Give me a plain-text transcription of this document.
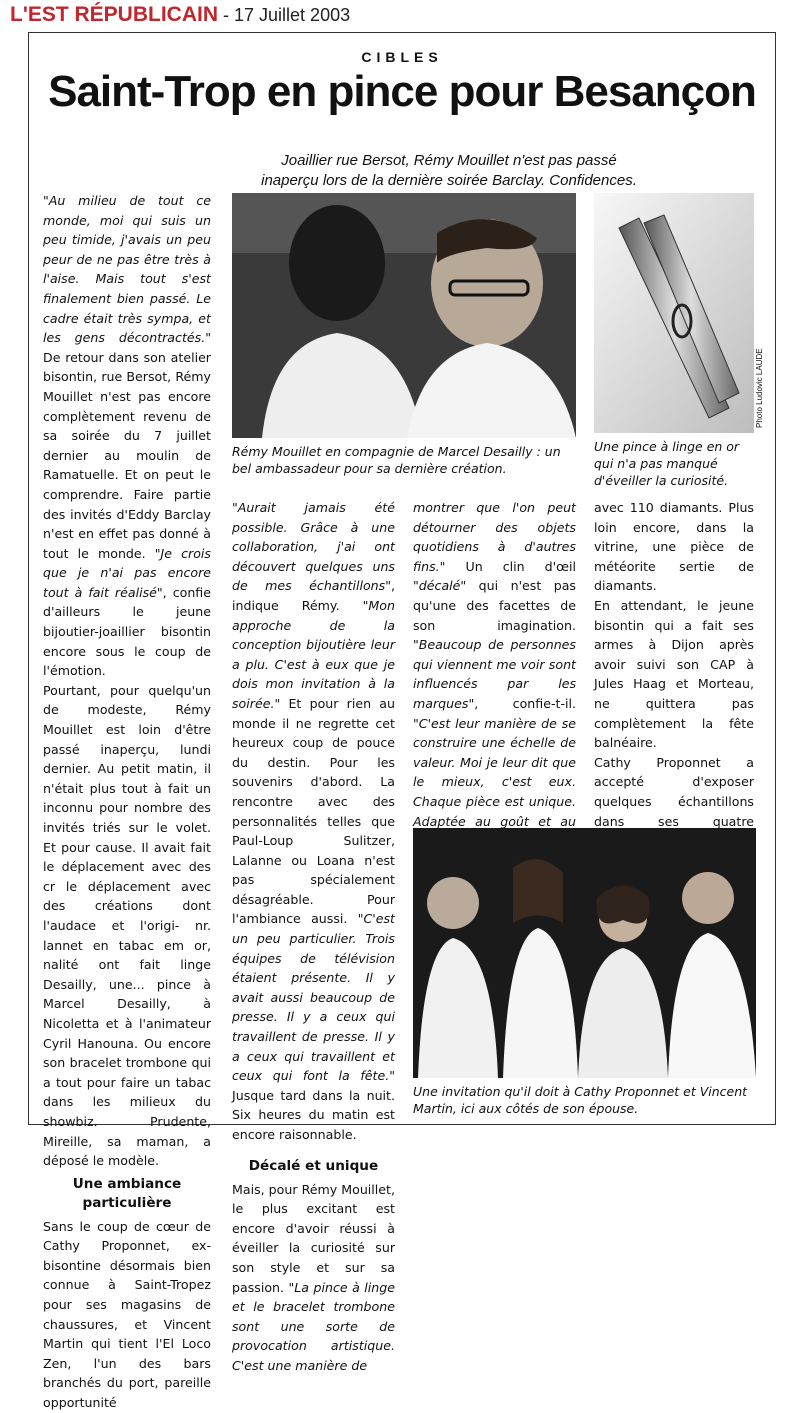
L'EST RÉPUBLICAIN - 17 Juillet 2003
CIBLES
Saint-Trop en pince pour Besançon
Joaillier rue Bersot, Rémy Mouillet n'est pas passé
inaperçu lors de la dernière soirée Barclay. Confidences.
Rémy Mouillet en compagnie de Marcel Desailly : un bel ambassadeur pour sa dernière création.
Photo Ludovic LAUDE
Une pince à linge en or qui n'a pas manqué d'éveiller la curiosité.

"Au milieu de tout ce monde, moi qui suis un peu timide, j'avais un peu peur de ne pas être très à l'aise. Mais tout s'est finalement bien passé. Le cadre était très sympa, et les gens décontractés." De retour dans son atelier bisontin, rue Bersot, Rémy Mouillet n'est pas encore complètement revenu de sa soirée du 7 juillet dernier au moulin de Ramatuelle. Et on peut le comprendre. Faire partie des invités d'Eddy Barclay n'est en effet pas donné à tout le monde. "Je crois que je n'ai pas encore tout à fait réalisé", confie d'ailleurs le jeune bijoutier-joaillier bisontin encore sous le coup de l'émotion.

Pourtant, pour quelqu'un de modeste, Rémy Mouillet est loin d'être passé inaperçu, lundi dernier. Au petit matin, il n'était plus tout à fait un inconnu pour nombre des invités triés sur le volet. Et pour cause. Il avait fait le déplacement avec des cr le déplacement avec des créations dont l'audace et l'origi- nr. lannet en tabac em or, nalité ont fait linge Desailly, une... pince à Marcel Desailly, à Nicoletta et à l'animateur Cyril Hanouna. Ou encore son bracelet trombone qui a tout pour faire un tabac dans les milieux du showbiz. Prudente, Mireille, sa maman, a déposé le modèle.

Une ambiance particulière

Sans le coup de cœur de Cathy Proponnet, ex-bisontine désormais bien connue à Saint-Tropez pour ses magasins de chaussures, et Vincent Martin qui tient l'El Loco Zen, l'un des bars branchés du port, pareille opportunité

"Aurait jamais été possible. Grâce à une collaboration, j'ai ont découvert quelques uns de mes échantillons", indique Rémy. "Mon approche de la conception bijoutière leur a plu. C'est à eux que je dois mon invitation à la soirée." Et pour rien au monde il ne regrette cet heureux coup de pouce du destin. Pour les souvenirs d'abord. La rencontre avec des personnalités telles que Paul-Loup Sulitzer, Lalanne ou Loana n'est pas spécialement désagréable. Pour l'ambiance aussi. "C'est un peu particulier. Trois équipes de télévision étaient présente. Il y avait aussi beaucoup de presse. Il y a ceux qui travaillent de presse. Il y a ceux qui travaillent et ceux qui font la fête." Jusque tard dans la nuit. Six heures du matin est encore raisonnable.

Décalé et unique

Mais, pour Rémy Mouillet, le plus excitant est encore d'avoir réussi à éveiller la curiosité sur son style et sur sa passion. "La pince à linge et le bracelet trombone sont une sorte de provocation artistique. C'est une manière de

montrer que l'on peut détourner des objets quotidiens à d'autres fins." Un clin d'œil "décalé" qui n'est pas qu'une des facettes de son imagination. "Beaucoup de personnes qui viennent me voir sont influencés par les marques", confie-t-il. "C'est leur manière de se construire une échelle de valeur. Moi je leur dit que le mieux, c'est eux. Chaque pièce est unique. Adaptée au goût et au

avec 110 diamants. Plus loin encore, dans la vitrine, une pièce de météorite sertie de diamants.

En attendant, le jeune bisontin qui a fait ses armes à Dijon après avoir suivi son CAP à Jules Haag et Morteau, ne quittera pas complètement la fête balnéaire.

Cathy Proponnet a accepté d'exposer quelques échantillons dans ses quatre

Une invitation qu'il doit à Cathy Proponnet et Vincent Martin, ici aux côtés de son épouse.
